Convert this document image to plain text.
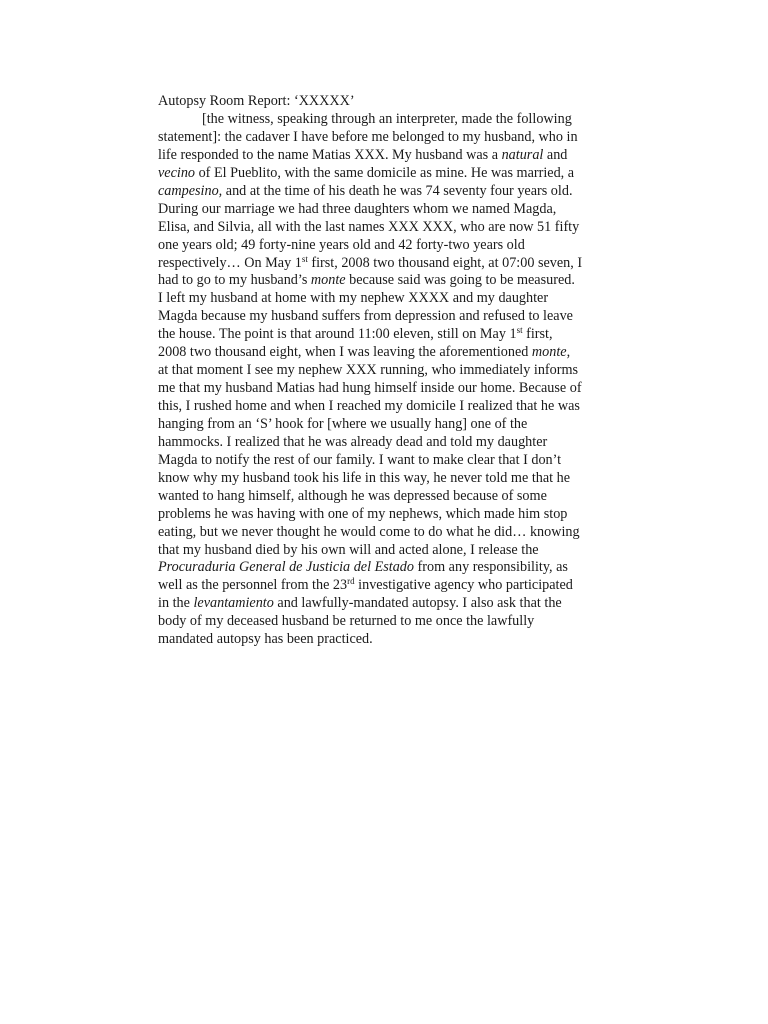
Autopsy Room Report: ‘XXXXX’
[the witness, speaking through an interpreter, made the following
statement]: the cadaver I have before me belonged to my husband, who in
life responded to the name Matias XXX. My husband was a natural and
vecino of El Pueblito, with the same domicile as mine. He was married, a
campesino, and at the time of his death he was 74 seventy four years old.
During our marriage we had three daughters whom we named Magda,
Elisa, and Silvia, all with the last names XXX XXX, who are now 51 fifty
one years old; 49 forty-nine years old and 42 forty-two years old
respectively… On May 1st first, 2008 two thousand eight, at 07:00 seven, I
had to go to my husband’s monte because said was going to be measured.
I left my husband at home with my nephew XXXX and my daughter
Magda because my husband suffers from depression and refused to leave
the house. The point is that around 11:00 eleven, still on May 1st first,
2008 two thousand eight, when I was leaving the aforementioned monte,
at that moment I see my nephew XXX running, who immediately informs
me that my husband Matias had hung himself inside our home. Because of
this, I rushed home and when I reached my domicile I realized that he was
hanging from an ‘S’ hook for [where we usually hang] one of the
hammocks. I realized that he was already dead and told my daughter
Magda to notify the rest of our family. I want to make clear that I don’t
know why my husband took his life in this way, he never told me that he
wanted to hang himself, although he was depressed because of some
problems he was having with one of my nephews, which made him stop
eating, but we never thought he would come to do what he did… knowing
that my husband died by his own will and acted alone, I release the
Procuraduria General de Justicia del Estado from any responsibility, as
well as the personnel from the 23rd investigative agency who participated
in the levantamiento and lawfully-mandated autopsy. I also ask that the
body of my deceased husband be returned to me once the lawfully
mandated autopsy has been practiced.
